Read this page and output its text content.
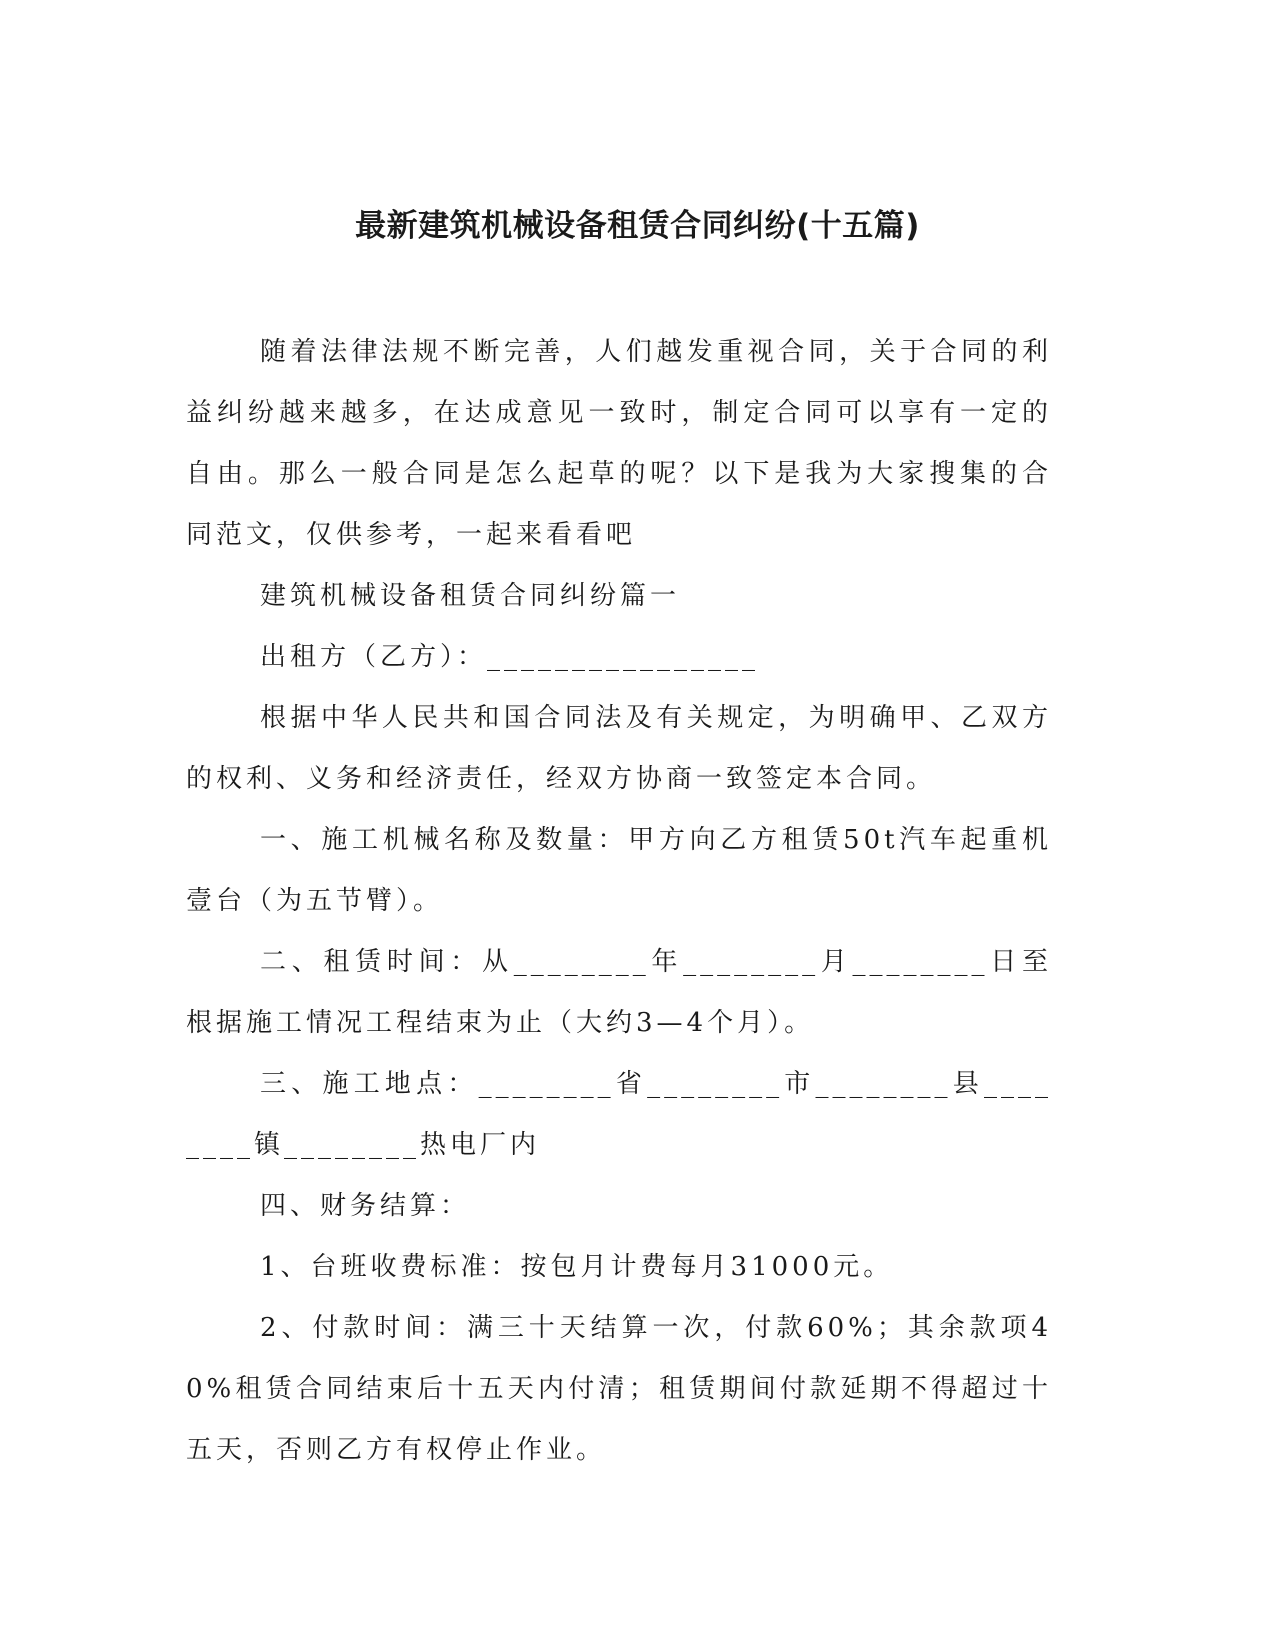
最新建筑机械设备租赁合同纠纷(十五篇)

随着法律法规不断完善，人们越发重视合同，关于合同的利益纠纷越来越多，在达成意见一致时，制定合同可以享有一定的自由。那么一般合同是怎么起草的呢？以下是我为大家搜集的合同范文，仅供参考，一起来看看吧

建筑机械设备租赁合同纠纷篇一

出租方（乙方）：________________

根据中华人民共和国合同法及有关规定，为明确甲、乙双方的权利、义务和经济责任，经双方协商一致签定本合同。

一、施工机械名称及数量：甲方向乙方租赁50t汽车起重机壹台（为五节臂）。

二、租赁时间：从________年________月________日至根据施工情况工程结束为止（大约3—4个月）。

三、施工地点：________省________市________县________镇________热电厂内

四、财务结算：

1、台班收费标准：按包月计费每月31000元。

2、付款时间：满三十天结算一次，付款60%；其余款项40%租赁合同结束后十五天内付清；租赁期间付款延期不得超过十五天，否则乙方有权停止作业。
